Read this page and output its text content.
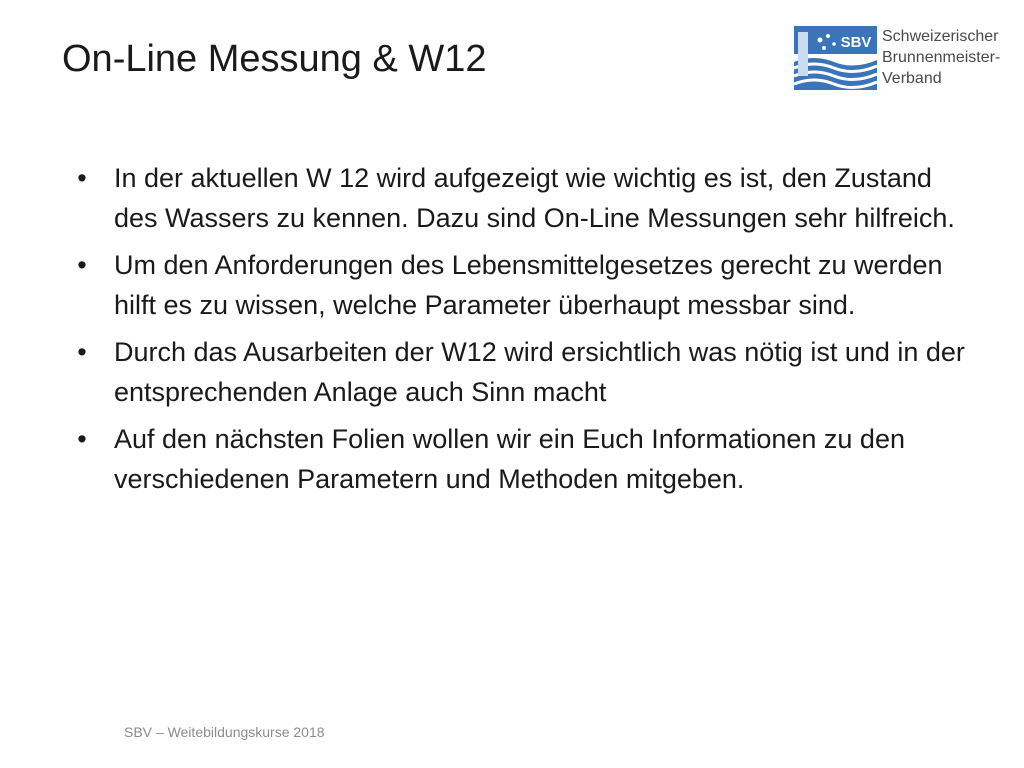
On-Line Messung & W12	SBV Schweizerischer
Brunnenmeister-
Verband
• In der aktuellen W 12 wird aufgezeigt wie wichtig es ist, den Zustand des Wassers zu kennen. Dazu sind On-Line Messungen sehr hilfreich.
• Um den Anforderungen des Lebensmittelgesetzes gerecht zu werden hilft es zu wissen, welche Parameter überhaupt messbar sind.
• Durch das Ausarbeiten der W12 wird ersichtlich was nötig ist und in der entsprechenden Anlage auch Sinn macht
• Auf den nächsten Folien wollen wir ein Euch Informationen zu den verschiedenen Parametern und Methoden mitgeben.
SBV – Weitebildungskurse 2018
